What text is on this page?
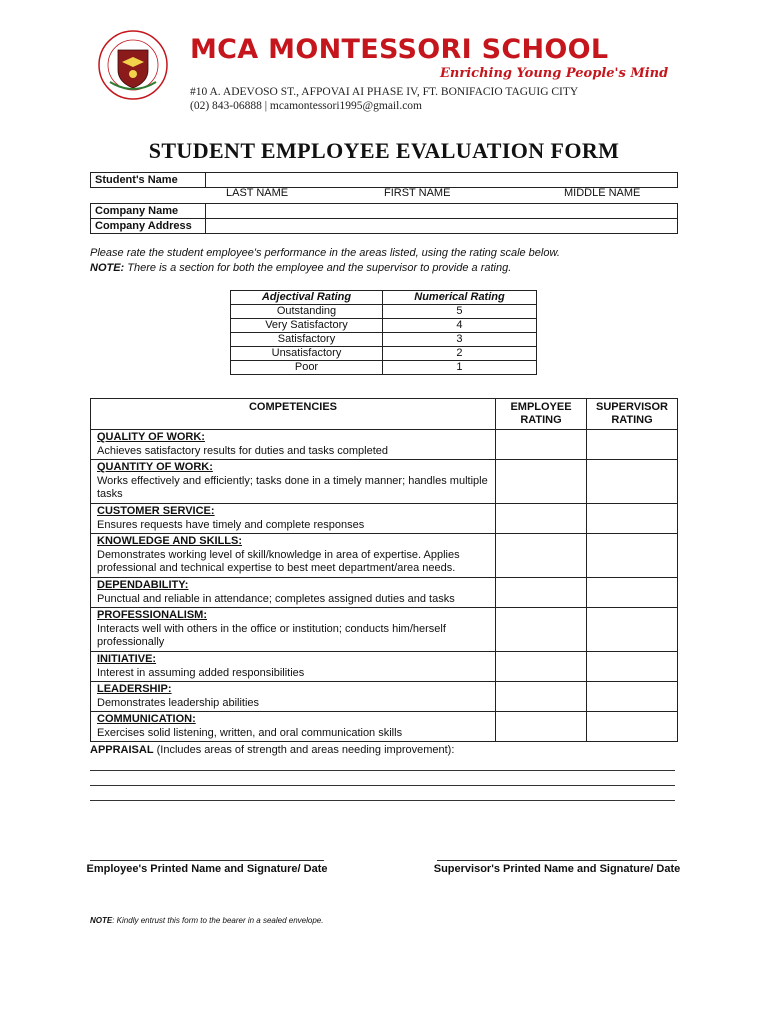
MCA MONTESSORI SCHOOL
Enriching Young People's Mind
#10 A. ADEVOSO ST., AFPOVAI AI PHASE IV, FT. BONIFACIO TAGUIG CITY
(02) 843-06888 | mcamontessori1995@gmail.com
STUDENT EMPLOYEE EVALUATION FORM
Student's Name	
LAST NAME	FIRST NAME	MIDDLE NAME
Company Name	
Company Address	
Please rate the student employee's performance in the areas listed, using the rating scale below.
NOTE: There is a section for both the employee and the supervisor to provide a rating.
Adjectival Rating	Numerical Rating
Outstanding	5
Very Satisfactory	4
Satisfactory	3
Unsatisfactory	2
Poor	1
COMPETENCIES	EMPLOYEE RATING	SUPERVISOR RATING

QUALITY OF WORK:
Achieves satisfactory results for duties and tasks completed		

QUANTITY OF WORK:
Works effectively and efficiently; tasks done in a timely manner; handles multiple tasks		

CUSTOMER SERVICE:
Ensures requests have timely and complete responses		

KNOWLEDGE AND SKILLS:
Demonstrates working level of skill/knowledge in area of expertise. Applies professional and technical expertise to best meet department/area needs.		

DEPENDABILITY:
Punctual and reliable in attendance; completes assigned duties and tasks		

PROFESSIONALISM:
Interacts well with others in the office or institution; conducts him/herself professionally		

INITIATIVE:
Interest in assuming added responsibilities		

LEADERSHIP:
Demonstrates leadership abilities		

COMMUNICATION:
Exercises solid listening, written, and oral communication skills		
APPRAISAL (Includes areas of strength and areas needing improvement):
Employee's Printed Name and Signature/ Date	Supervisor's Printed Name and Signature/ Date
NOTE: Kindly entrust this form to the bearer in a sealed envelope.
